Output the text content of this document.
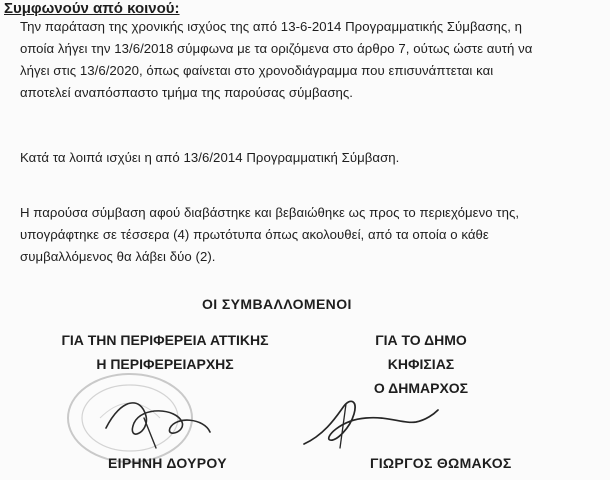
Συμφωνούν από κοινού:
Την παράταση της χρονικής ισχύος της από 13-6-2014 Προγραμματικής Σύμβασης, η
οποία λήγει την 13/6/2018 σύμφωνα με τα οριζόμενα στο άρθρο 7, ούτως ώστε αυτή να
λήγει στις 13/6/2020, όπως φαίνεται στο χρονοδιάγραμμα που επισυνάπτεται και
αποτελεί αναπόσπαστο τμήμα της παρούσας σύμβασης.
Κατά τα λοιπά ισχύει η από 13/6/2014 Προγραμματική Σύμβαση.
Η παρούσα σύμβαση αφού διαβάστηκε και βεβαιώθηκε ως προς το περιεχόμενο της,
υπογράφτηκε σε τέσσερα (4) πρωτότυπα όπως ακολουθεί, από τα οποία ο κάθε
συμβαλλόμενος θα λάβει δύο (2).
ΟΙ ΣΥΜΒΑΛΛΟΜΕΝΟΙ
ΓΙΑ ΤΗΝ ΠΕΡΙΦΕΡΕΙΑ ΑΤΤΙΚΗΣ
Η ΠΕΡΙΦΕΡΕΙΑΡΧΗΣ
ΓΙΑ ΤΟ ΔΗΜΟ
ΚΗΦΙΣΙΑΣ
Ο ΔΗΜΑΡΧΟΣ
ΕΙΡΗΝΗ ΔΟΥΡΟΥ	ΓΙΩΡΓΟΣ ΘΩΜΑΚΟΣ
